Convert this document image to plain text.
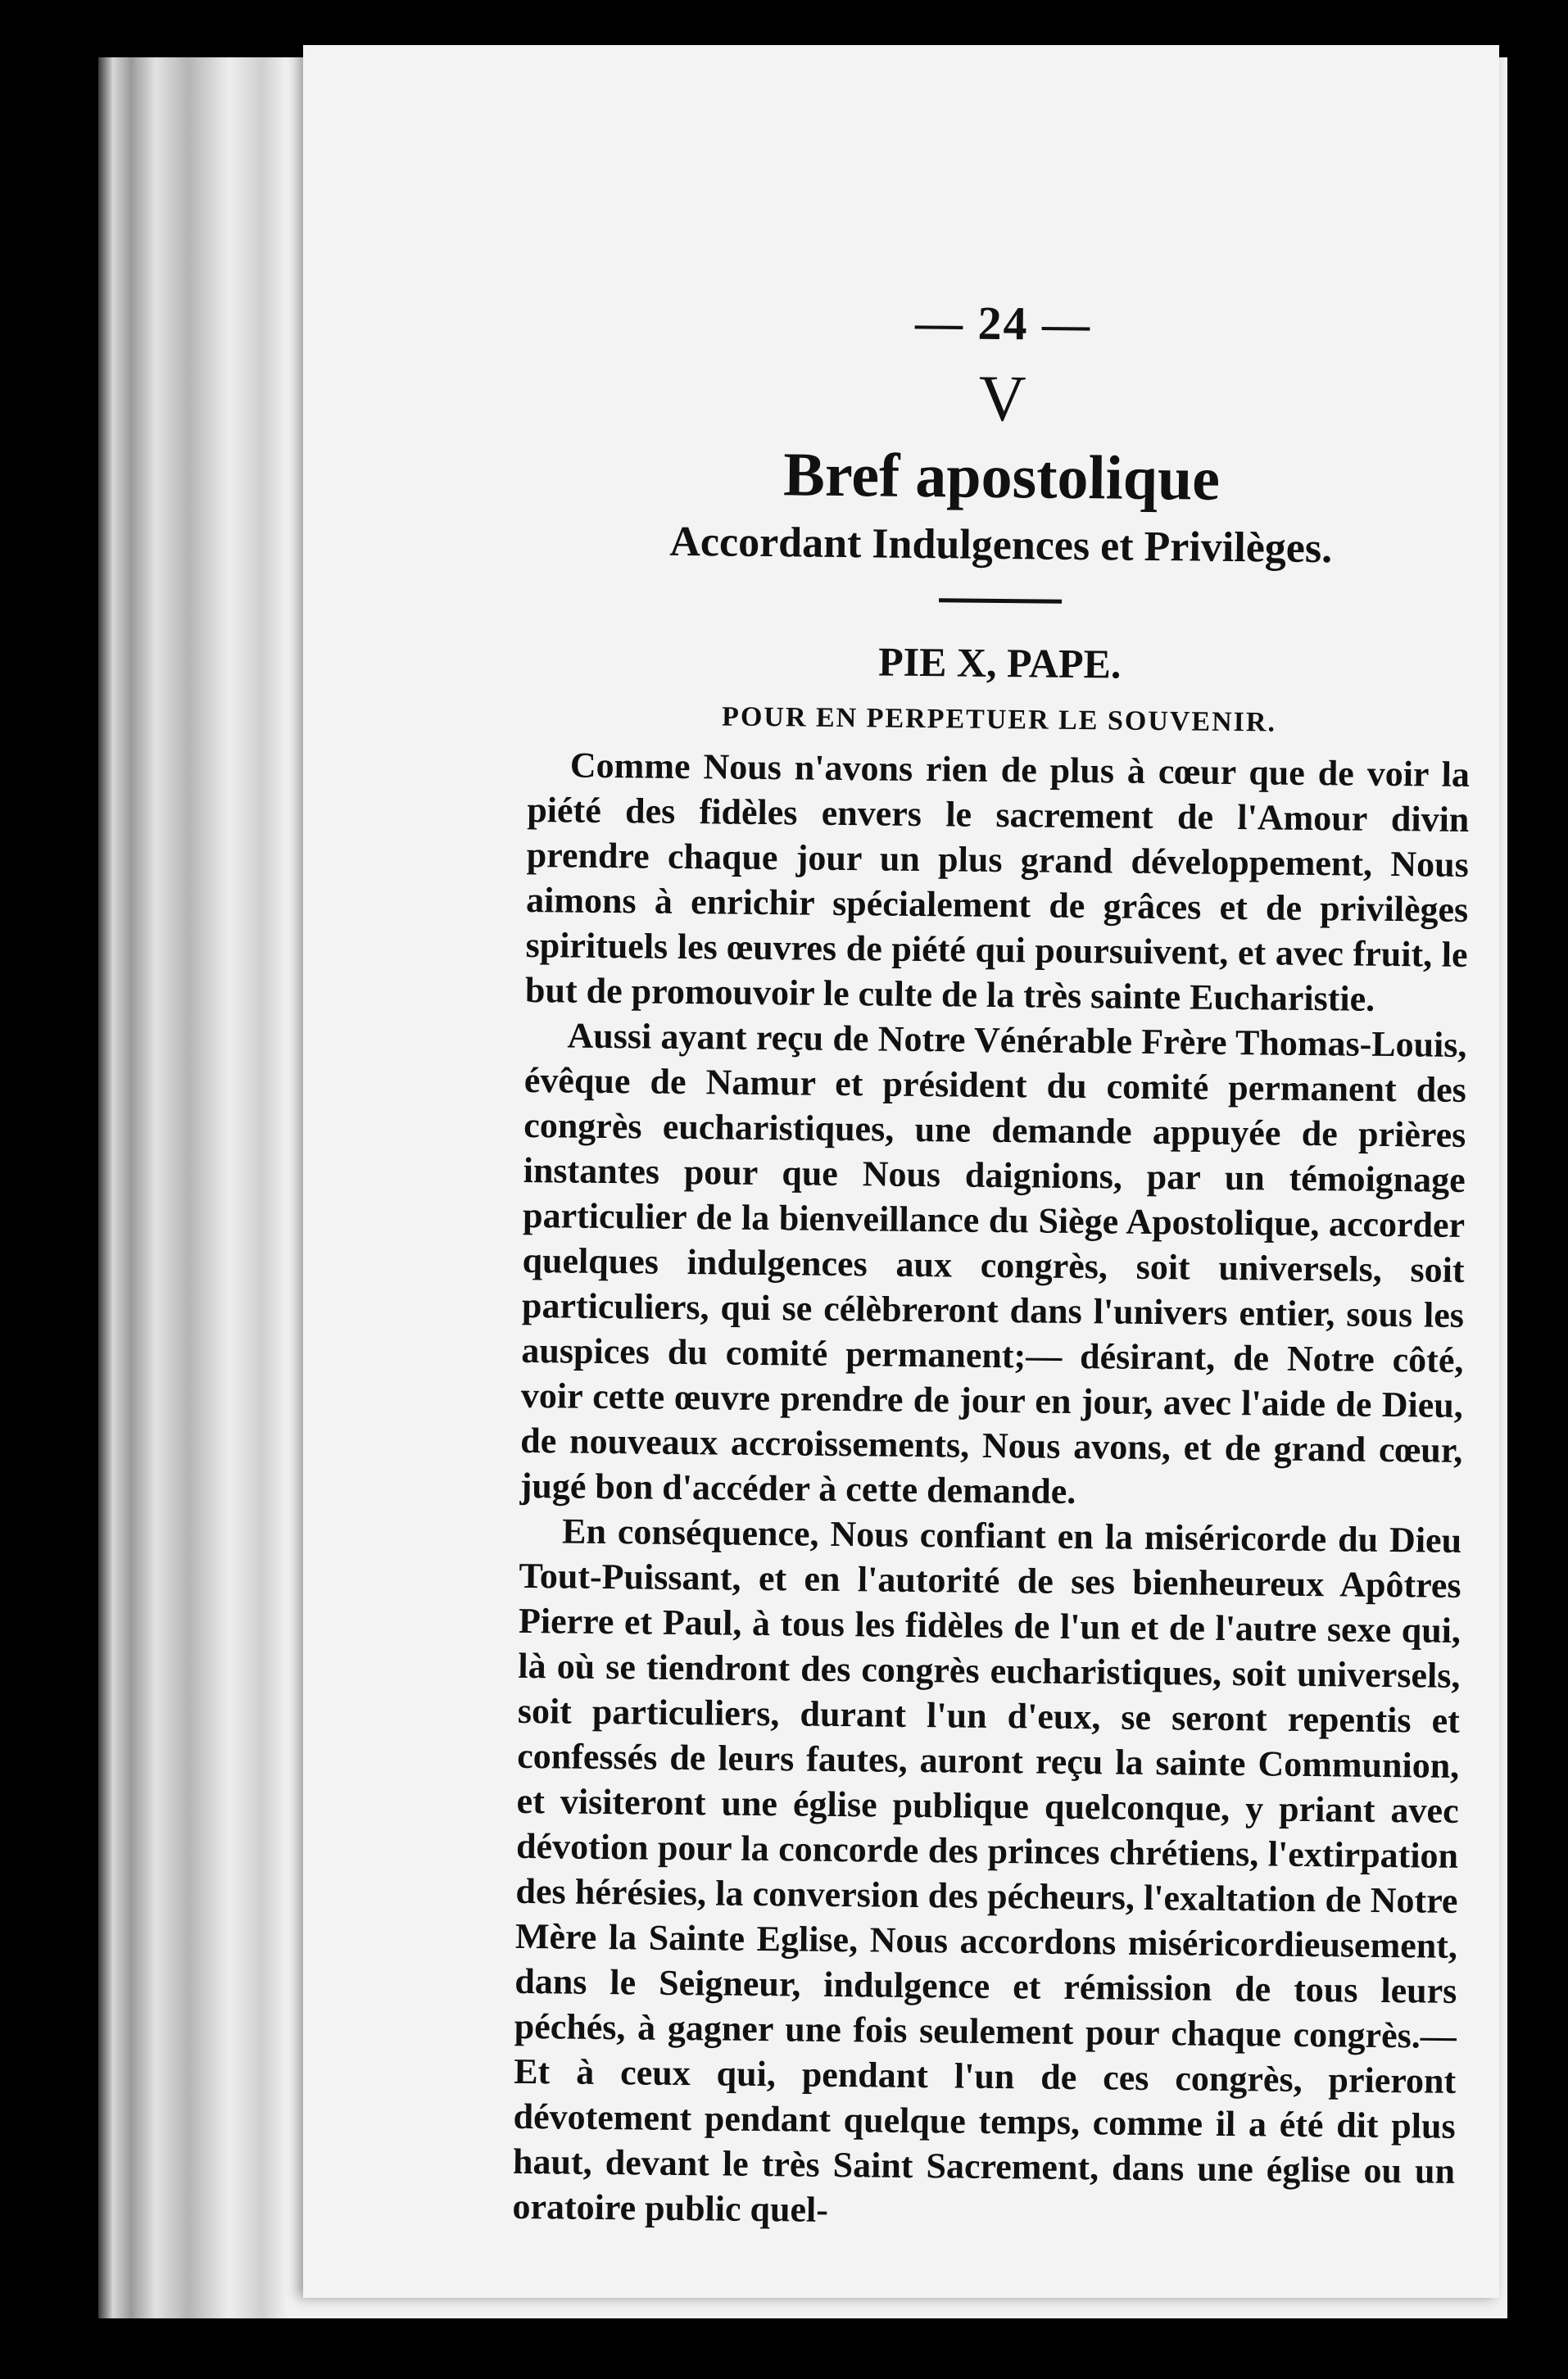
— 24 —

V

Bref apostolique
Accordant Indulgences et Privilèges.

PIE X, PAPE.

POUR EN PERPETUER LE SOUVENIR.

Comme Nous n'avons rien de plus à cœur que de voir la piété des fidèles envers le sacrement de l'Amour divin prendre chaque jour un plus grand développement, Nous aimons à enrichir spécialement de grâces et de privilèges spirituels les œuvres de piété qui poursuivent, et avec fruit, le but de promouvoir le culte de la très sainte Eucharistie.

Aussi ayant reçu de Notre Vénérable Frère Thomas-Louis, évêque de Namur et président du comité permanent des congrès eucharistiques, une demande appuyée de prières instantes pour que Nous daignions, par un témoignage particulier de la bienveillance du Siège Apostolique, accorder quelques indulgences aux congrès, soit universels, soit particuliers, qui se célèbreront dans l'univers entier, sous les auspices du comité permanent;— désirant, de Notre côté, voir cette œuvre prendre de jour en jour, avec l'aide de Dieu, de nouveaux accroissements, Nous avons, et de grand cœur, jugé bon d'accéder à cette demande.

En conséquence, Nous confiant en la miséricorde du Dieu Tout-Puissant, et en l'autorité de ses bienheureux Apôtres Pierre et Paul, à tous les fidèles de l'un et de l'autre sexe qui, là où se tiendront des congrès eucharistiques, soit universels, soit particuliers, durant l'un d'eux, se seront repentis et confessés de leurs fautes, auront reçu la sainte Communion, et visiteront une église publique quelconque, y priant avec dévotion pour la concorde des princes chrétiens, l'extirpation des hérésies, la conversion des pécheurs, l'exaltation de Notre Mère la Sainte Eglise, Nous accordons miséricordieusement, dans le Seigneur, indulgence et rémission de tous leurs péchés, à gagner une fois seulement pour chaque congrès.— Et à ceux qui, pendant l'un de ces congrès, prieront dévotement pendant quelque temps, comme il a été dit plus haut, devant le très Saint Sacrement, dans une église ou un oratoire public quel-
